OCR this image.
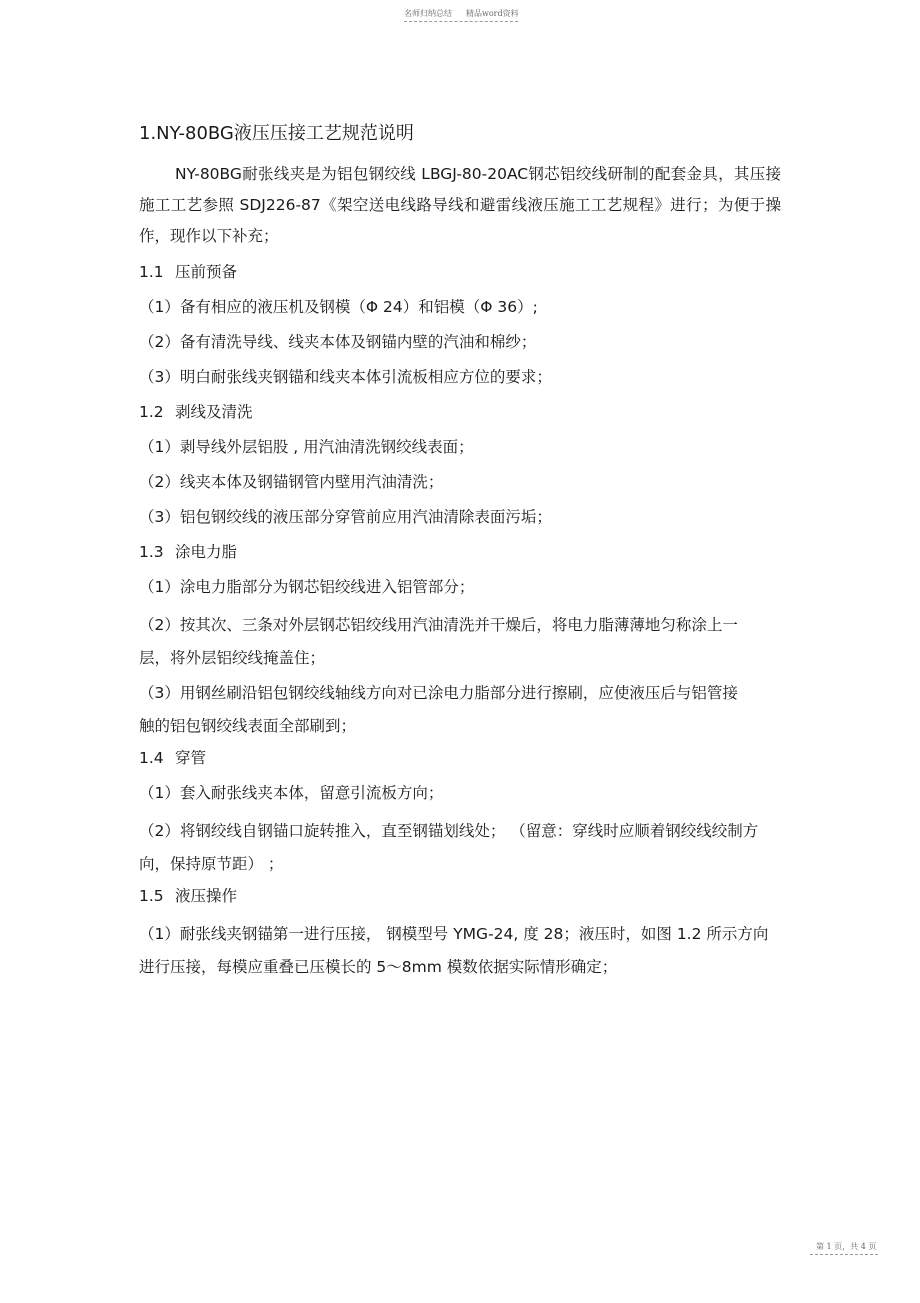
名师归纳总结 精品word资料
1.NY-80BG液压压接工艺规范说明
NY-80BG耐张线夹是为铝包钢绞线 LBGJ-80-20AC钢芯铝绞线研制的配套金具，其压接施工工艺参照 SDJ226-87《架空送电线路导线和避雷线液压施工工艺规程》进行；为便于操作，现作以下补充；
1.1 压前预备
（1）备有相应的液压机及钢模（Φ 24）和铝模（Φ 36）;
（2）备有清洗导线、线夹本体及钢锚内壁的汽油和棉纱；
（3）明白耐张线夹钢锚和线夹本体引流板相应方位的要求；
1.2 剥线及清洗
（1）剥导线外层铝股 , 用汽油清洗钢绞线表面；
（2）线夹本体及钢锚钢管内壁用汽油清洗；
（3）铝包钢绞线的液压部分穿管前应用汽油清除表面污垢；
1.3 涂电力脂
（1）涂电力脂部分为钢芯铝绞线进入铝管部分；
（2）按其次、三条对外层钢芯铝绞线用汽油清洗并干燥后，将电力脂薄薄地匀称涂上一层，将外层铝绞线掩盖住；
（3）用钢丝刷沿铝包钢绞线轴线方向对已涂电力脂部分进行擦刷，应使液压后与铝管接触的铝包钢绞线表面全部刷到；
1.4 穿管
（1）套入耐张线夹本体，留意引流板方向；
（2）将钢绞线自钢锚口旋转推入，直至钢锚划线处； （留意：穿线时应顺着钢绞线绞制方向，保持原节距） ；
1.5 液压操作
（1）耐张线夹钢锚第一进行压接， 钢模型号 YMG-24, 度 28；液压时，如图 1.2 所示方向进行压接，每模应重叠已压模长的 5～8mm 模数依据实际情形确定；
第 1 页，共 4 页
